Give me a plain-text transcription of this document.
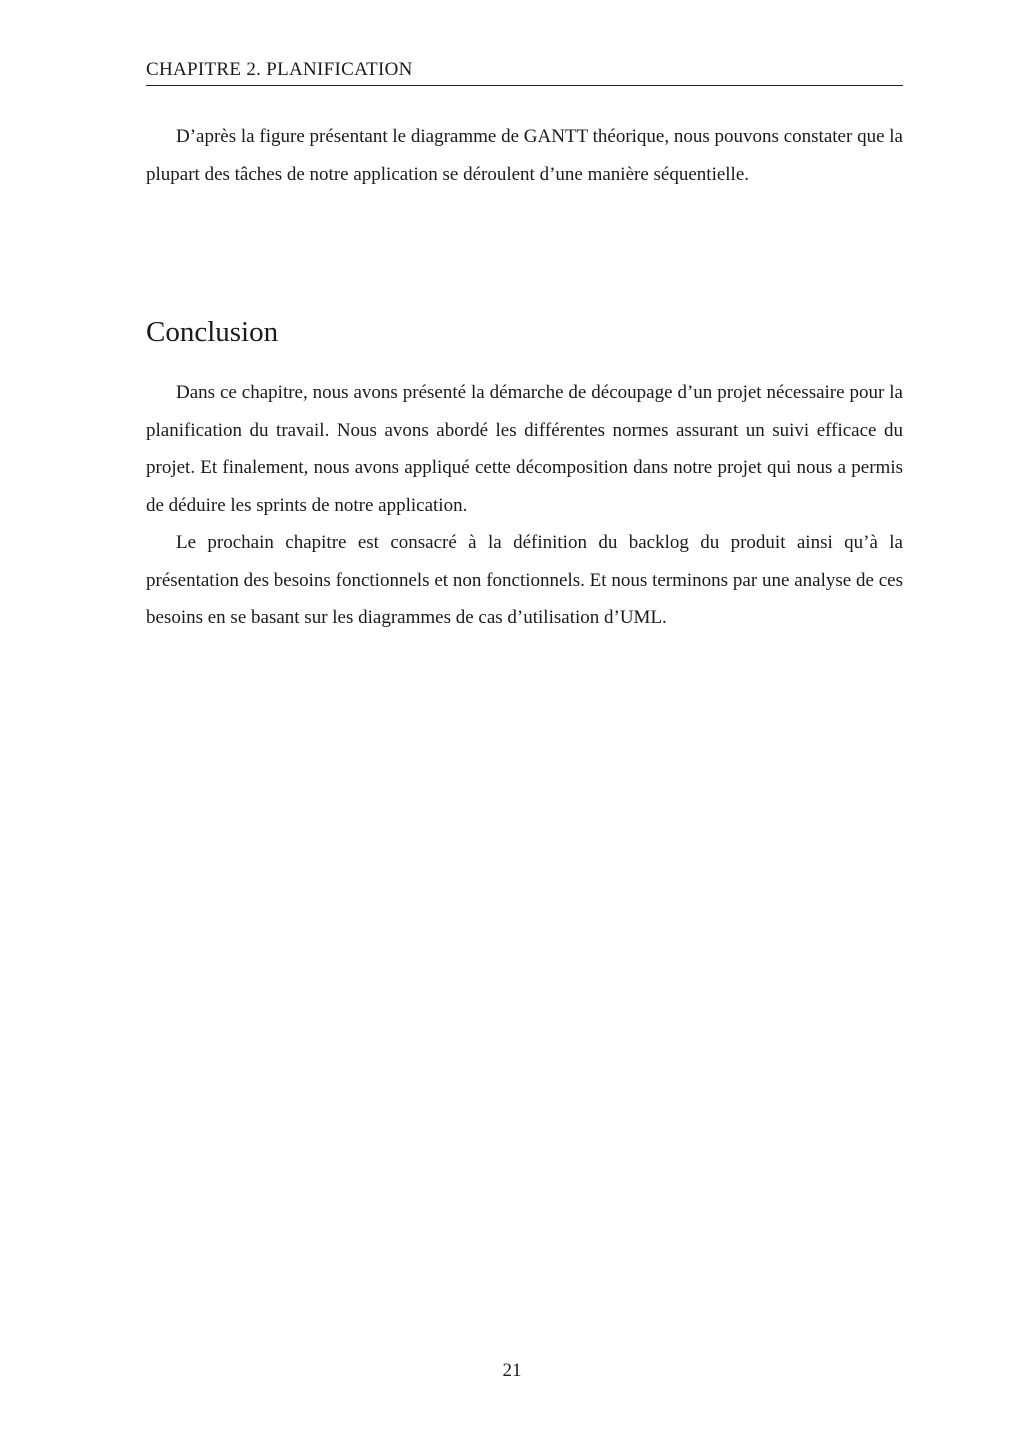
CHAPITRE 2. PLANIFICATION

D’après la figure présentant le diagramme de GANTT théorique, nous pouvons constater que la plupart des tâches de notre application se déroulent d’une manière séquentielle.

Conclusion

Dans ce chapitre, nous avons présenté la démarche de découpage d’un projet nécessaire pour la planification du travail. Nous avons abordé les différentes normes assurant un suivi efficace du projet. Et finalement, nous avons appliqué cette décomposition dans notre projet qui nous a permis de déduire les sprints de notre application.

Le prochain chapitre est consacré à la définition du backlog du produit ainsi qu’à la présentation des besoins fonctionnels et non fonctionnels. Et nous terminons par une analyse de ces besoins en se basant sur les diagrammes de cas d’utilisation d’UML.

21
